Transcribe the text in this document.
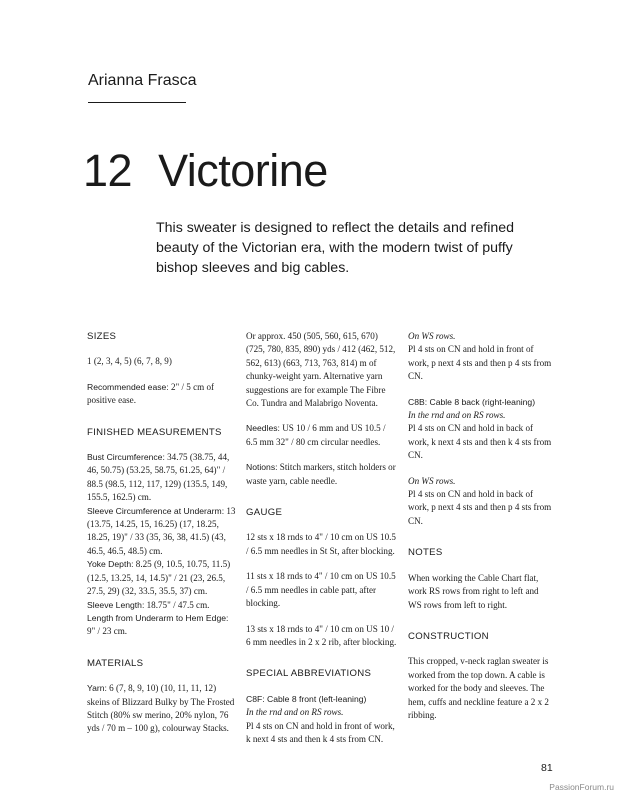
Arianna Frasca
12 Victorine

This sweater is designed to reflect the details and refined beauty of the Victorian era, with the modern twist of puffy bishop sleeves and big cables.

SIZES

1 (2, 3, 4, 5) (6, 7, 8, 9)

Recommended ease: 2" / 5 cm of positive ease.

FINISHED MEASUREMENTS

Bust Circumference: 34.75 (38.75, 44, 46, 50.75) (53.25, 58.75, 61.25, 64)" / 88.5 (98.5, 112, 117, 129) (135.5, 149, 155.5, 162.5) cm.

Sleeve Circumference at Underarm: 13 (13.75, 14.25, 15, 16.25) (17, 18.25, 18.25, 19)" / 33 (35, 36, 38, 41.5) (43, 46.5, 46.5, 48.5) cm.

Yoke Depth: 8.25 (9, 10.5, 10.75, 11.5) (12.5, 13.25, 14, 14.5)" / 21 (23, 26.5, 27.5, 29) (32, 33.5, 35.5, 37) cm.

Sleeve Length: 18.75" / 47.5 cm.

Length from Underarm to Hem Edge: 9" / 23 cm.

MATERIALS

Yarn: 6 (7, 8, 9, 10) (10, 11, 11, 12) skeins of Blizzard Bulky by The Frosted Stitch (80% sw merino, 20% nylon, 76 yds / 70 m – 100 g), colourway Stacks.

Or approx. 450 (505, 560, 615, 670) (725, 780, 835, 890) yds / 412 (462, 512, 562, 613) (663, 713, 763, 814) m of chunky-weight yarn. Alternative yarn suggestions are for example The Fibre Co. Tundra and Malabrigo Noventa.

Needles: US 10 / 6 mm and US 10.5 / 6.5 mm 32" / 80 cm circular needles.

Notions: Stitch markers, stitch holders or waste yarn, cable needle.

GAUGE

12 sts x 18 rnds to 4" / 10 cm on US 10.5 / 6.5 mm needles in St St, after blocking.

11 sts x 18 rnds to 4" / 10 cm on US 10.5 / 6.5 mm needles in cable patt, after blocking.

13 sts x 18 rnds to 4" / 10 cm on US 10 / 6 mm needles in 2 x 2 rib, after blocking.

SPECIAL ABBREVIATIONS

C8F: Cable 8 front (left-leaning)

In the rnd and on RS rows.

Pl 4 sts on CN and hold in front of work, k next 4 sts and then k 4 sts from CN.

On WS rows.

Pl 4 sts on CN and hold in front of work, p next 4 sts and then p 4 sts from CN.

C8B: Cable 8 back (right-leaning)

In the rnd and on RS rows.

Pl 4 sts on CN and hold in back of work, k next 4 sts and then k 4 sts from CN.

On WS rows.

Pl 4 sts on CN and hold in back of work, p next 4 sts and then p 4 sts from CN.

NOTES

When working the Cable Chart flat, work RS rows from right to left and WS rows from left to right.

CONSTRUCTION

This cropped, v-neck raglan sweater is worked from the top down. A cable is worked for the body and sleeves. The hem, cuffs and neckline feature a 2 x 2 ribbing.

81

PassionForum.ru
